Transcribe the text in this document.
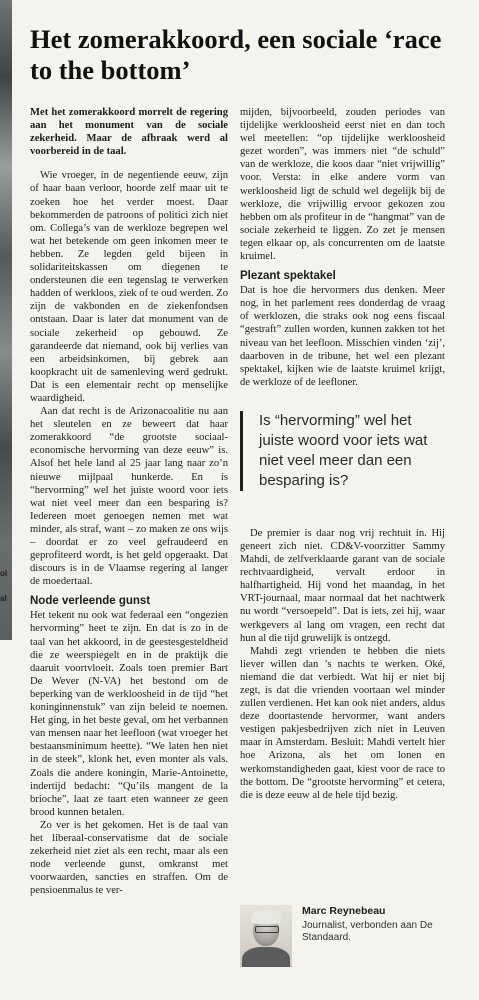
ol
al
Het zomerakkoord, een sociale ‘race to the bottom’

Met het zomerakkoord morrelt de regering aan het monument van de sociale zekerheid. Maar de afbraak werd al voorbereid in de taal.

Wie vroeger, in de negentiende eeuw, zijn of haar baan verloor, hoorde zelf maar uit te zoeken hoe het verder moest. Daar bekommerden de patroons of politici zich niet om. Collega’s van de werkloze begrepen wel wat het betekende om geen inkomen meer te hebben. Ze legden geld bijeen in solidariteitskassen om diegenen te ondersteunen die een tegenslag te verwerken hadden of werkloos, ziek of te oud werden. Zo zijn de vakbonden en de ziekenfondsen ontstaan. Daar is later dat monument van de sociale zekerheid op gebouwd. Ze garandeerde dat niemand, ook bij verlies van een arbeidsinkomen, bij gebrek aan koopkracht uit de samenleving werd gedrukt. Dat is een elementair recht op menselijke waardigheid.

Aan dat recht is de Arizonacoalitie nu aan het sleutelen en ze beweert dat haar zomerakkoord “de grootste sociaal-economische hervorming van deze eeuw” is. Alsof het hele land al 25 jaar lang naar zo’n nieuwe mijlpaal hunkerde. En is “hervorming” wel het juiste woord voor iets wat niet veel meer dan een besparing is? Iedereen moet genoegen nemen met wat minder, als straf, want – zo maken ze ons wijs – doordat er zo veel gefraudeerd en geprofiteerd wordt, is het geld opgeraakt. Dat discours is in de Vlaamse regering al langer de moedertaal.

Node verleende gunst

Het tekent nu ook wat federaal een “ongezien hervorming” heet te zijn. En dat is zo in de taal van het akkoord, in de geestesgesteldheid die ze weerspiegelt en in de praktijk die daaruit voortvloeit. Zoals toen premier Bart De Wever (N-VA) het bestond om de beperking van de werkloosheid in de tijd “het koninginnenstuk” van zijn beleid te noemen. Het ging, in het beste geval, om het verbannen van mensen naar het leefloon (wat vroeger het bestaansminimum heette). “We laten hen niet in de steek”, klonk het, even monter als vals. Zoals die andere koningin, Marie-Antoinette, indertijd bedacht: “Qu’ils mangent de la brioche”, laat ze taart eten wanneer ze geen brood kunnen betalen.

Zo ver is het gekomen. Het is de taal van het liberaal-conservatisme dat de sociale zekerheid niet ziet als een recht, maar als een node verleende gunst, omkranst met voorwaarden, sancties en straffen. Om de pensioenmalus te ver-

mijden, bijvoorbeeld, zouden periodes van tijdelijke werkloosheid eerst niet en dan toch wel meetellen: “op tijdelijke werkloosheid gezet worden”, was immers niet “de schuld” van de werkloze, die koos daar “niet vrijwillig” voor. Versta: in elke andere vorm van werkloosheid ligt de schuld wel degelijk bij de werkloze, die vrijwillig ervoor gekozen zou hebben om als profiteur in de “hangmat” van de sociale zekerheid te liggen. Zo zet je mensen tegen elkaar op, als concurrenten om de laatste kruimel.

Plezant spektakel

Dat is hoe die hervormers dus denken. Meer nog, in het parlement rees donderdag de vraag of werklozen, die straks ook nog eens fiscaal “gestraft” zullen worden, kunnen zakken tot het niveau van het leefloon. Misschien vinden ‘zij’, daarboven in de tribune, het wel een plezant spektakel, kijken wie de laatste kruimel krijgt, de werkloze of de leefloner.

Is “hervorming” wel het juiste woord voor iets wat niet veel meer dan een besparing is?

De premier is daar nog vrij rechtuit in. Hij geneert zich niet. CD&V-voorzitter Sammy Mahdi, de zelfverklaarde garant van de sociale rechtvaardigheid, vervalt erdoor in halfhartigheid. Hij vond het maandag, in het VRT-journaal, maar normaal dat het nachtwerk nu wordt “versoepeld”. Dat is iets, zei hij, waar werkgevers al lang om vragen, een recht dat hun al die tijd gruwelijk is ontzegd.

Mahdi zegt vrienden te hebben die niets liever willen dan ’s nachts te werken. Oké, niemand die dat verbiedt. Wat hij er niet bij zegt, is dat die vrienden voortaan wel minder zullen verdienen. Het kan ook niet anders, aldus deze doortastende hervormer, want anders vestigen pakjesbedrijven zich niet in Leuven maar in Amsterdam. Besluit: Mahdi vertelt hier hoe Arizona, als het om lonen en werkomstandigheden gaat, kiest voor de race to the bottom. De “grootste hervorming” et cetera, die is deze eeuw al de hele tijd bezig.

Marc Reynebeau
Journalist, verbonden aan De Standaard.
